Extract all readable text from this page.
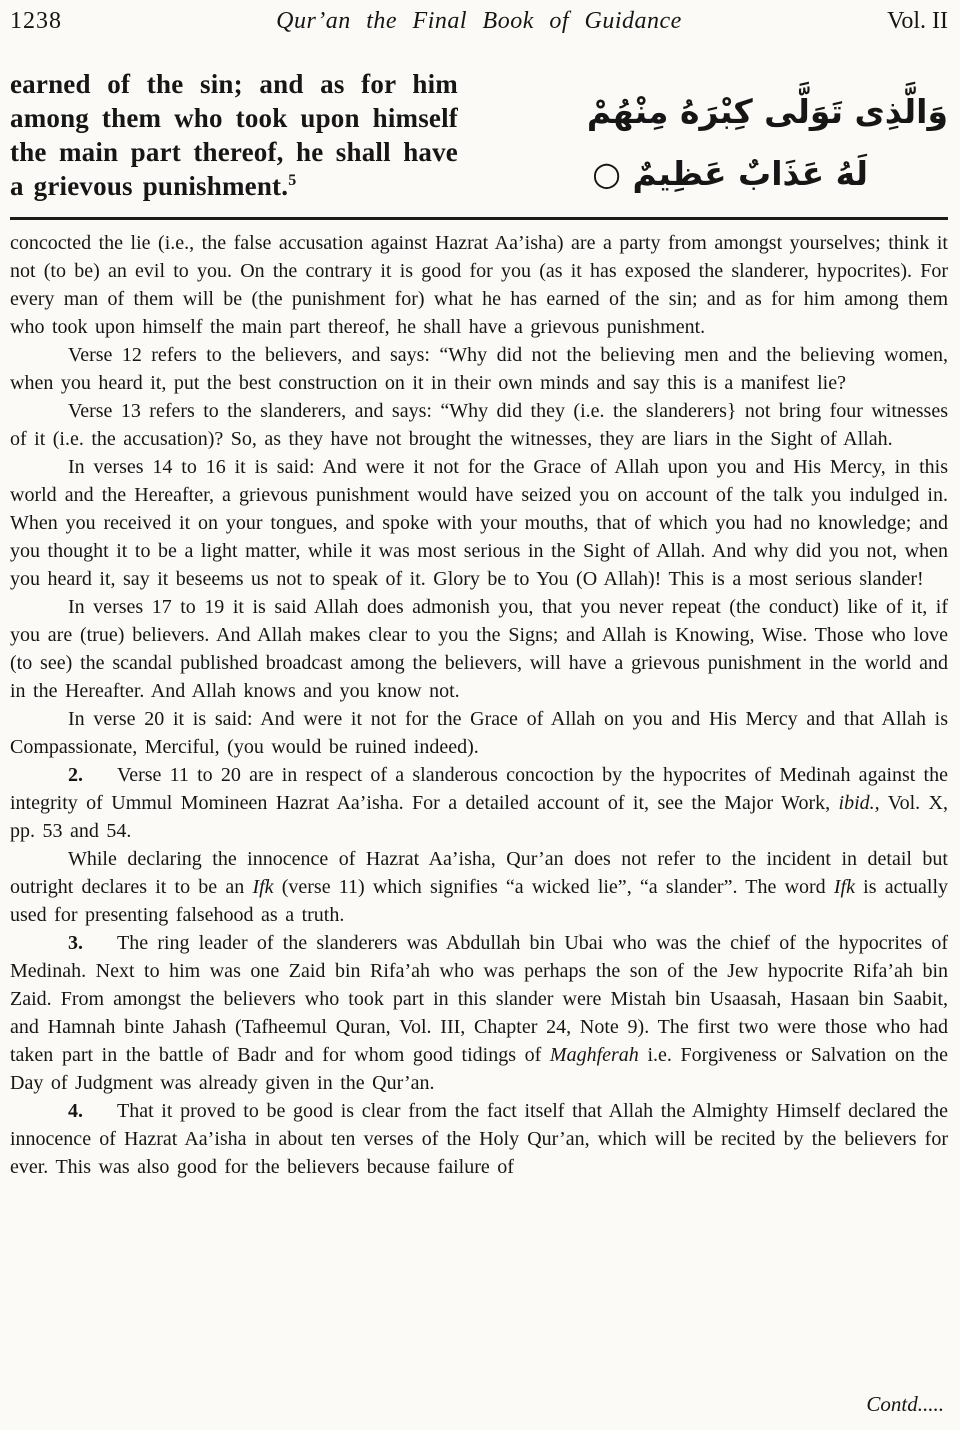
1238	Qur’an the Final Book of Guidance	Vol. II
earned of the sin; and as for him among them who took upon himself the main part thereof, he shall have a grievous punishment.$^5$
وَالَّذِى تَوَلَّى كِبْرَهُ مِنْهُمْ
لَهُ عَذَابٌ عَظِيمٌ ○

concocted the lie (i.e., the false accusation against Hazrat Aa’isha) are a party from amongst yourselves; think it not (to be) an evil to you. On the contrary it is good for you (as it has exposed the slanderer, hypocrites). For every man of them will be (the punishment for) what he has earned of the sin; and as for him among them who took upon himself the main part thereof, he shall have a grievous punishment.

Verse 12 refers to the believers, and says: “Why did not the believing men and the believing women, when you heard it, put the best construction on it in their own minds and say this is a manifest lie?

Verse 13 refers to the slanderers, and says: “Why did they (i.e. the slanderers} not bring four witnesses of it (i.e. the accusation)? So, as they have not brought the witnesses, they are liars in the Sight of Allah.

In verses 14 to 16 it is said: And were it not for the Grace of Allah upon you and His Mercy, in this world and the Hereafter, a grievous punishment would have seized you on account of the talk you indulged in. When you received it on your tongues, and spoke with your mouths, that of which you had no knowledge; and you thought it to be a light matter, while it was most serious in the Sight of Allah. And why did you not, when you heard it, say it beseems us not to speak of it. Glory be to You (O Allah)! This is a most serious slander!

In verses 17 to 19 it is said Allah does admonish you, that you never repeat (the conduct) like of it, if you are (true) believers. And Allah makes clear to you the Signs; and Allah is Knowing, Wise. Those who love (to see) the scandal published broadcast among the believers, will have a grievous punishment in the world and in the Hereafter. And Allah knows and you know not.

In verse 20 it is said: And were it not for the Grace of Allah on you and His Mercy and that Allah is Compassionate, Merciful, (you would be ruined indeed).

2. Verse 11 to 20 are in respect of a slanderous concoction by the hypocrites of Medinah against the integrity of Ummul Momineen Hazrat Aa’isha. For a detailed account of it, see the Major Work, ibid., Vol. X, pp. 53 and 54.

While declaring the innocence of Hazrat Aa’isha, Qur’an does not refer to the incident in detail but outright declares it to be an Ifk (verse 11) which signifies “a wicked lie”, “a slander”. The word Ifk is actually used for presenting falsehood as a truth.

3. The ring leader of the slanderers was Abdullah bin Ubai who was the chief of the hypocrites of Medinah. Next to him was one Zaid bin Rifa’ah who was perhaps the son of the Jew hypocrite Rifa’ah bin Zaid. From amongst the believers who took part in this slander were Mistah bin Usaasah, Hasaan bin Saabit, and Hamnah binte Jahash (Tafheemul Quran, Vol. III, Chapter 24, Note 9). The first two were those who had taken part in the battle of Badr and for whom good tidings of Maghferah i.e. Forgiveness or Salvation on the Day of Judgment was already given in the Qur’an.

4. That it proved to be good is clear from the fact itself that Allah the Almighty Himself declared the innocence of Hazrat Aa’isha in about ten verses of the Holy Qur’an, which will be recited by the believers for ever. This was also good for the believers because failure of

Contd.....
